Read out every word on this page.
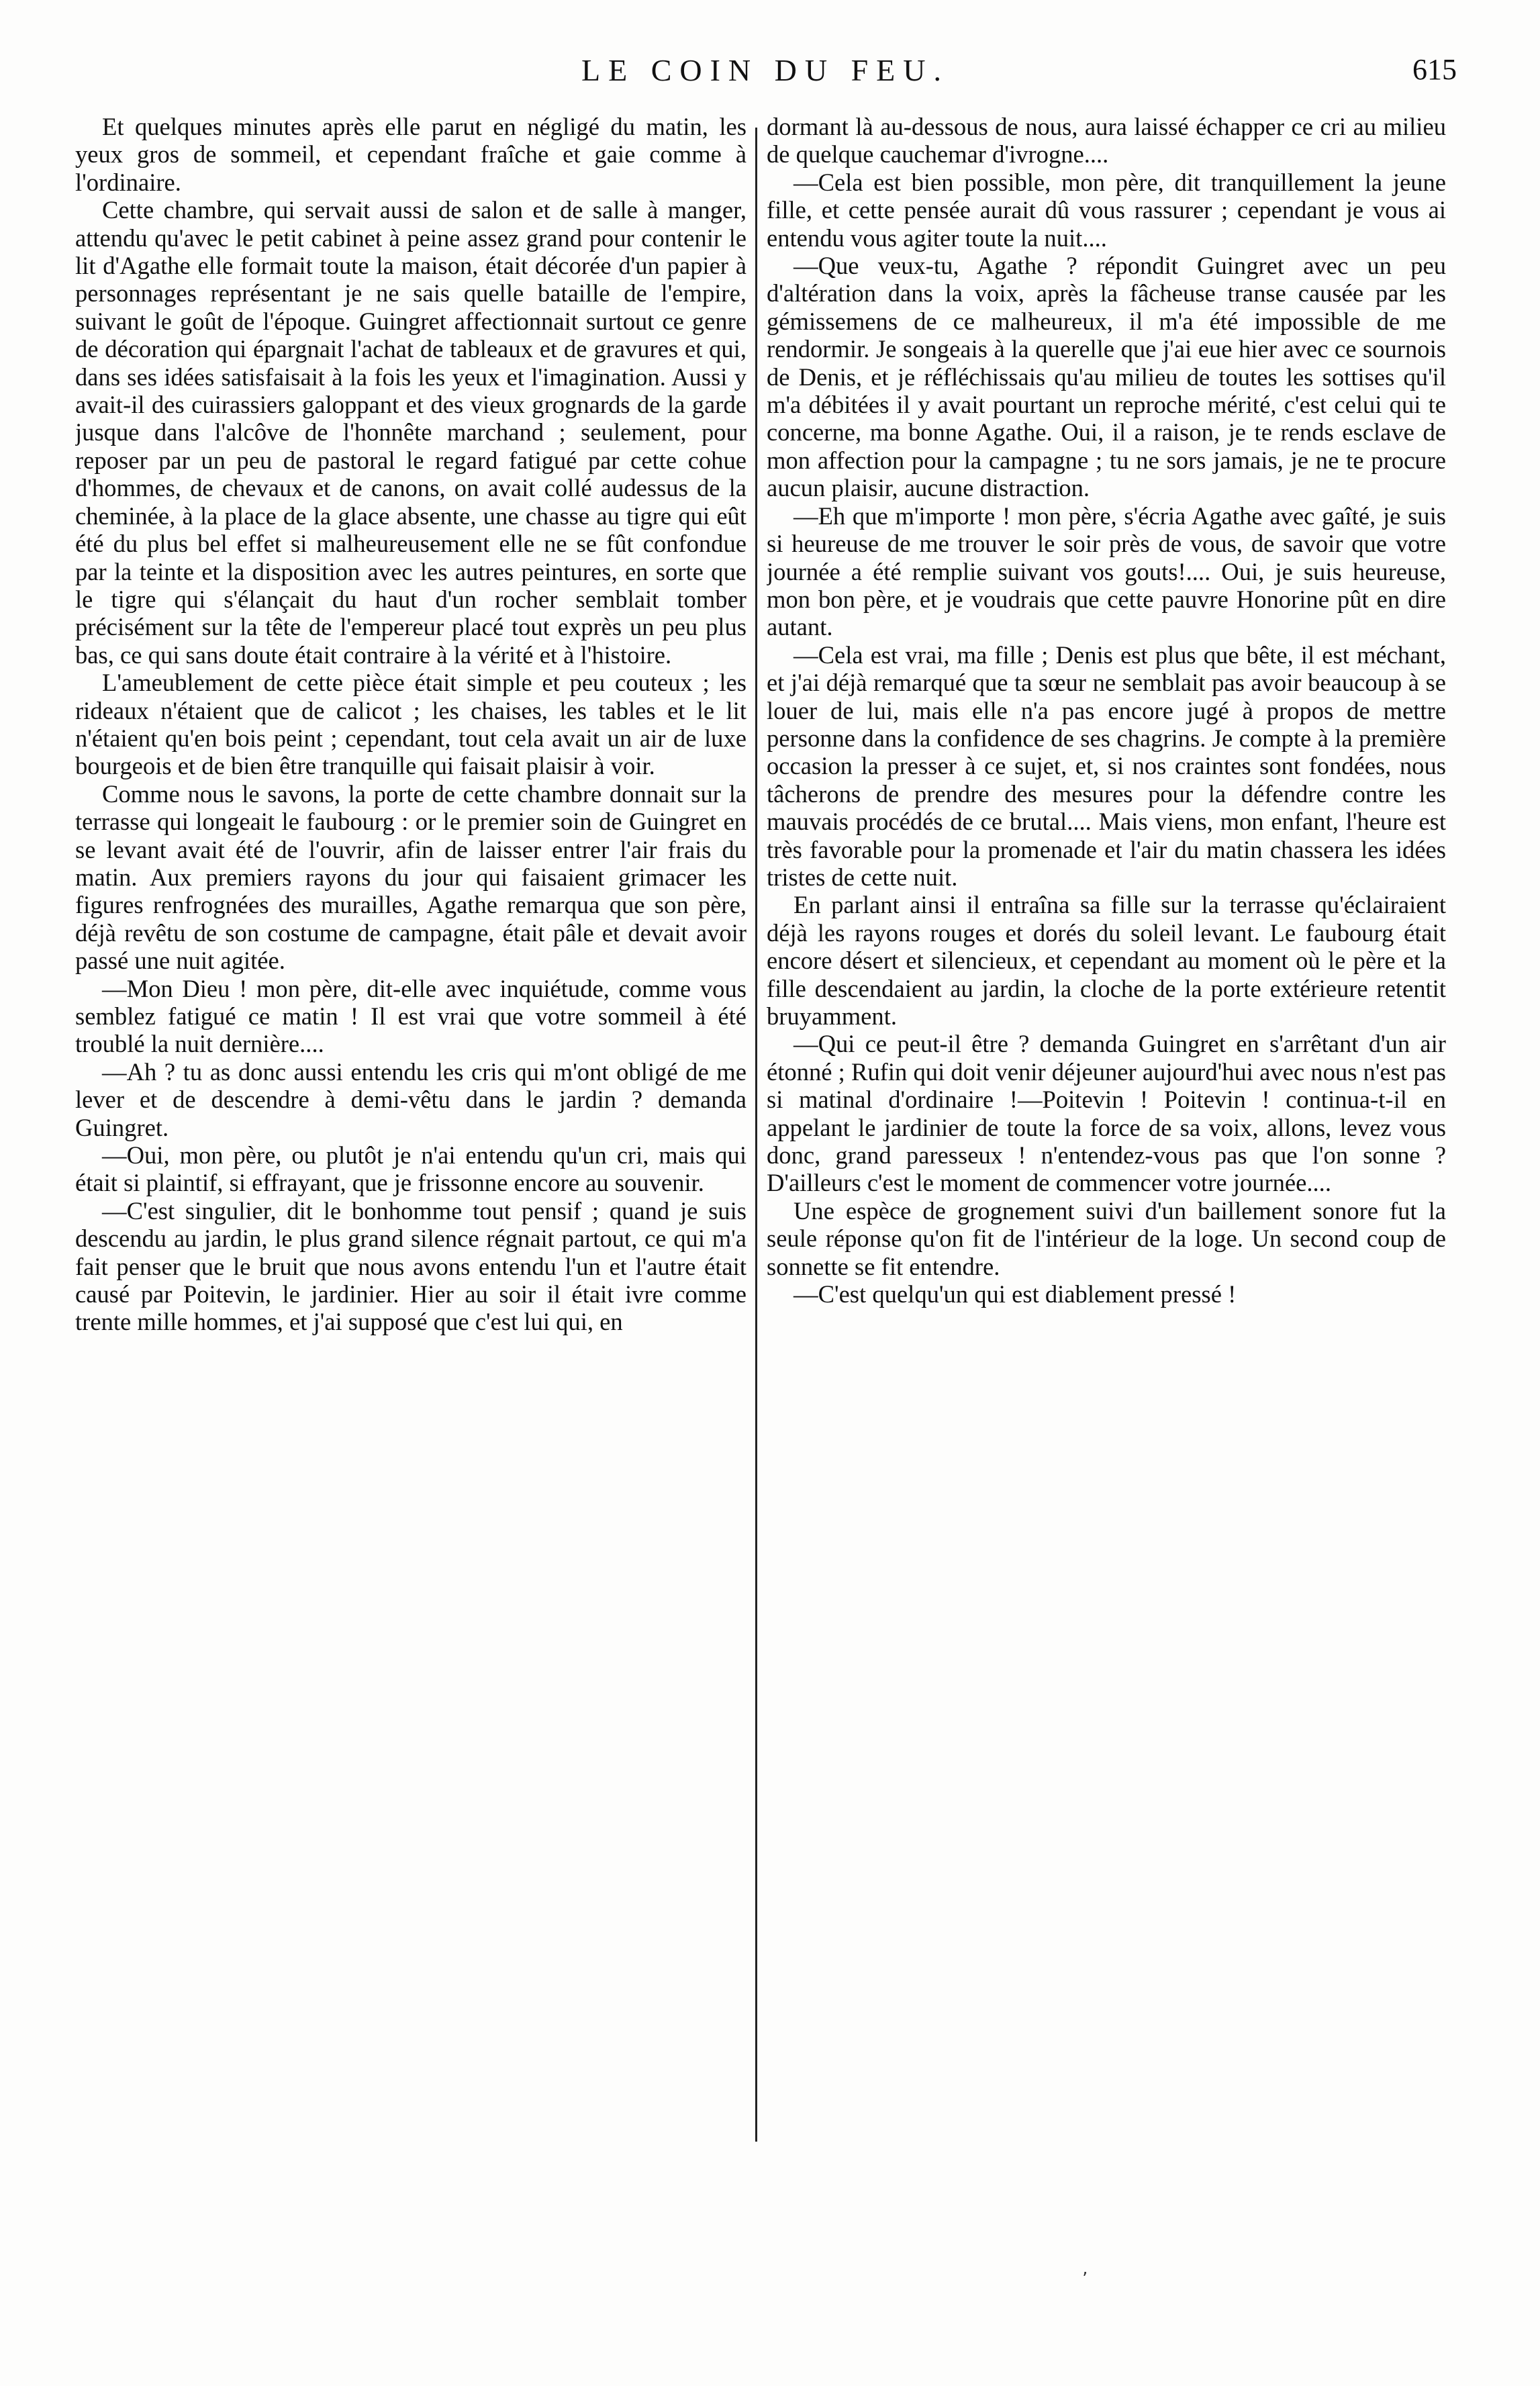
LE COIN DU FEU.	615

Et quelques minutes après elle parut en négligé du matin, les yeux gros de sommeil, et cependant fraîche et gaie comme à l'ordinaire.

Cette chambre, qui servait aussi de salon et de salle à manger, attendu qu'avec le petit cabinet à peine assez grand pour contenir le lit d'Agathe elle formait toute la maison, était décorée d'un papier à personnages représentant je ne sais quelle bataille de l'empire, suivant le goût de l'époque. Guingret affectionnait surtout ce genre de décoration qui épargnait l'achat de tableaux et de gravures et qui, dans ses idées satisfaisait à la fois les yeux et l'imagination. Aussi y avait-il des cuirassiers galoppant et des vieux grognards de la garde jusque dans l'alcôve de l'honnête marchand ; seulement, pour reposer par un peu de pastoral le regard fatigué par cette cohue d'hommes, de chevaux et de canons, on avait collé audessus de la cheminée, à la place de la glace absente, une chasse au tigre qui eût été du plus bel effet si malheureusement elle ne se fût confondue par la teinte et la disposition avec les autres peintures, en sorte que le tigre qui s'élançait du haut d'un rocher semblait tomber précisément sur la tête de l'empereur placé tout exprès un peu plus bas, ce qui sans doute était contraire à la vérité et à l'histoire.

L'ameublement de cette pièce était simple et peu couteux ; les rideaux n'étaient que de calicot ; les chaises, les tables et le lit n'étaient qu'en bois peint ; cependant, tout cela avait un air de luxe bourgeois et de bien être tranquille qui faisait plaisir à voir.

Comme nous le savons, la porte de cette chambre donnait sur la terrasse qui longeait le faubourg : or le premier soin de Guingret en se levant avait été de l'ouvrir, afin de laisser entrer l'air frais du matin. Aux premiers rayons du jour qui faisaient grimacer les figures renfrognées des murailles, Agathe remarqua que son père, déjà revêtu de son costume de campagne, était pâle et devait avoir passé une nuit agitée.

—Mon Dieu ! mon père, dit-elle avec inquiétude, comme vous semblez fatigué ce matin ! Il est vrai que votre sommeil à été troublé la nuit dernière....

—Ah ? tu as donc aussi entendu les cris qui m'ont obligé de me lever et de descendre à demi-vêtu dans le jardin ? demanda Guingret.

—Oui, mon père, ou plutôt je n'ai entendu qu'un cri, mais qui était si plaintif, si effrayant, que je frissonne encore au souvenir.

—C'est singulier, dit le bonhomme tout pensif ; quand je suis descendu au jardin, le plus grand silence régnait partout, ce qui m'a fait penser que le bruit que nous avons entendu l'un et l'autre était causé par Poitevin, le jardinier. Hier au soir il était ivre comme trente mille hommes, et j'ai supposé que c'est lui qui, en

dormant là au-dessous de nous, aura laissé échapper ce cri au milieu de quelque cauchemar d'ivrogne....

—Cela est bien possible, mon père, dit tranquillement la jeune fille, et cette pensée aurait dû vous rassurer ; cependant je vous ai entendu vous agiter toute la nuit....

—Que veux-tu, Agathe ? répondit Guingret avec un peu d'altération dans la voix, après la fâcheuse transe causée par les gémissemens de ce malheureux, il m'a été impossible de me rendormir. Je songeais à la querelle que j'ai eue hier avec ce sournois de Denis, et je réfléchissais qu'au milieu de toutes les sottises qu'il m'a débitées il y avait pourtant un reproche mérité, c'est celui qui te concerne, ma bonne Agathe. Oui, il a raison, je te rends esclave de mon affection pour la campagne ; tu ne sors jamais, je ne te procure aucun plaisir, aucune distraction.

—Eh que m'importe ! mon père, s'écria Agathe avec gaîté, je suis si heureuse de me trouver le soir près de vous, de savoir que votre journée a été remplie suivant vos gouts!.... Oui, je suis heureuse, mon bon père, et je voudrais que cette pauvre Honorine pût en dire autant.

—Cela est vrai, ma fille ; Denis est plus que bête, il est méchant, et j'ai déjà remarqué que ta sœur ne semblait pas avoir beaucoup à se louer de lui, mais elle n'a pas encore jugé à propos de mettre personne dans la confidence de ses chagrins. Je compte à la première occasion la presser à ce sujet, et, si nos craintes sont fondées, nous tâcherons de prendre des mesures pour la défendre contre les mauvais procédés de ce brutal.... Mais viens, mon enfant, l'heure est très favorable pour la promenade et l'air du matin chassera les idées tristes de cette nuit.

En parlant ainsi il entraîna sa fille sur la terrasse qu'éclairaient déjà les rayons rouges et dorés du soleil levant. Le faubourg était encore désert et silencieux, et cependant au moment où le père et la fille descendaient au jardin, la cloche de la porte extérieure retentit bruyamment.

—Qui ce peut-il être ? demanda Guingret en s'arrêtant d'un air étonné ; Rufin qui doit venir déjeuner aujourd'hui avec nous n'est pas si matinal d'ordinaire !—Poitevin ! Poitevin ! continua-t-il en appelant le jardinier de toute la force de sa voix, allons, levez vous donc, grand paresseux ! n'entendez-vous pas que l'on sonne ? D'ailleurs c'est le moment de commencer votre journée....

Une espèce de grognement suivi d'un baillement sonore fut la seule réponse qu'on fit de l'intérieur de la loge. Un second coup de sonnette se fit entendre.

—C'est quelqu'un qui est diablement pressé !

ʼ
